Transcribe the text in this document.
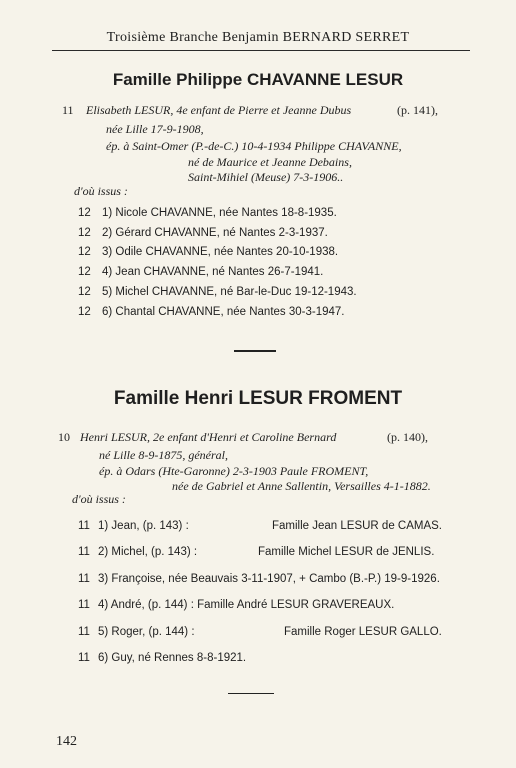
Troisième Branche Benjamin BERNARD SERRET
Famille Philippe CHAVANNE LESUR
11 Elisabeth LESUR, 4e enfant de Pierre et Jeanne Dubus	(p. 141),
née Lille 17-9-1908,
ép. à Saint-Omer (P.-de-C.) 10-4-1934 Philippe CHAVANNE,
né de Maurice et Jeanne Debains,
Saint-Mihiel (Meuse) 7-3-1906..
d'où issus :
12 1) Nicole CHAVANNE, née Nantes 18-8-1935.
12 2) Gérard CHAVANNE, né Nantes 2-3-1937.
12 3) Odile CHAVANNE, née Nantes 20-10-1938.
12 4) Jean CHAVANNE, né Nantes 26-7-1941.
12 5) Michel CHAVANNE, né Bar-le-Duc 19-12-1943.
12 6) Chantal CHAVANNE, née Nantes 30-3-1947.
Famille Henri LESUR FROMENT
10 Henri LESUR, 2e enfant d'Henri et Caroline Bernard	(p. 140),
né Lille 8-9-1875, général,
ép. à Odars (Hte-Garonne) 2-3-1903 Paule FROMENT,
née de Gabriel et Anne Sallentin, Versailles 4-1-1882.
d'où issus :
11 1) Jean, (p. 143) :	Famille Jean LESUR de CAMAS.
11 2) Michel, (p. 143) :	Famille Michel LESUR de JENLIS.
11 3) Françoise, née Beauvais 3-11-1907, + Cambo (B.-P.) 19-9-1926.
11 4) André, (p. 144) : Famille André LESUR GRAVEREAUX.
11 5) Roger, (p. 144) :	Famille Roger LESUR GALLO.
11 6) Guy, né Rennes 8-8-1921.
142
